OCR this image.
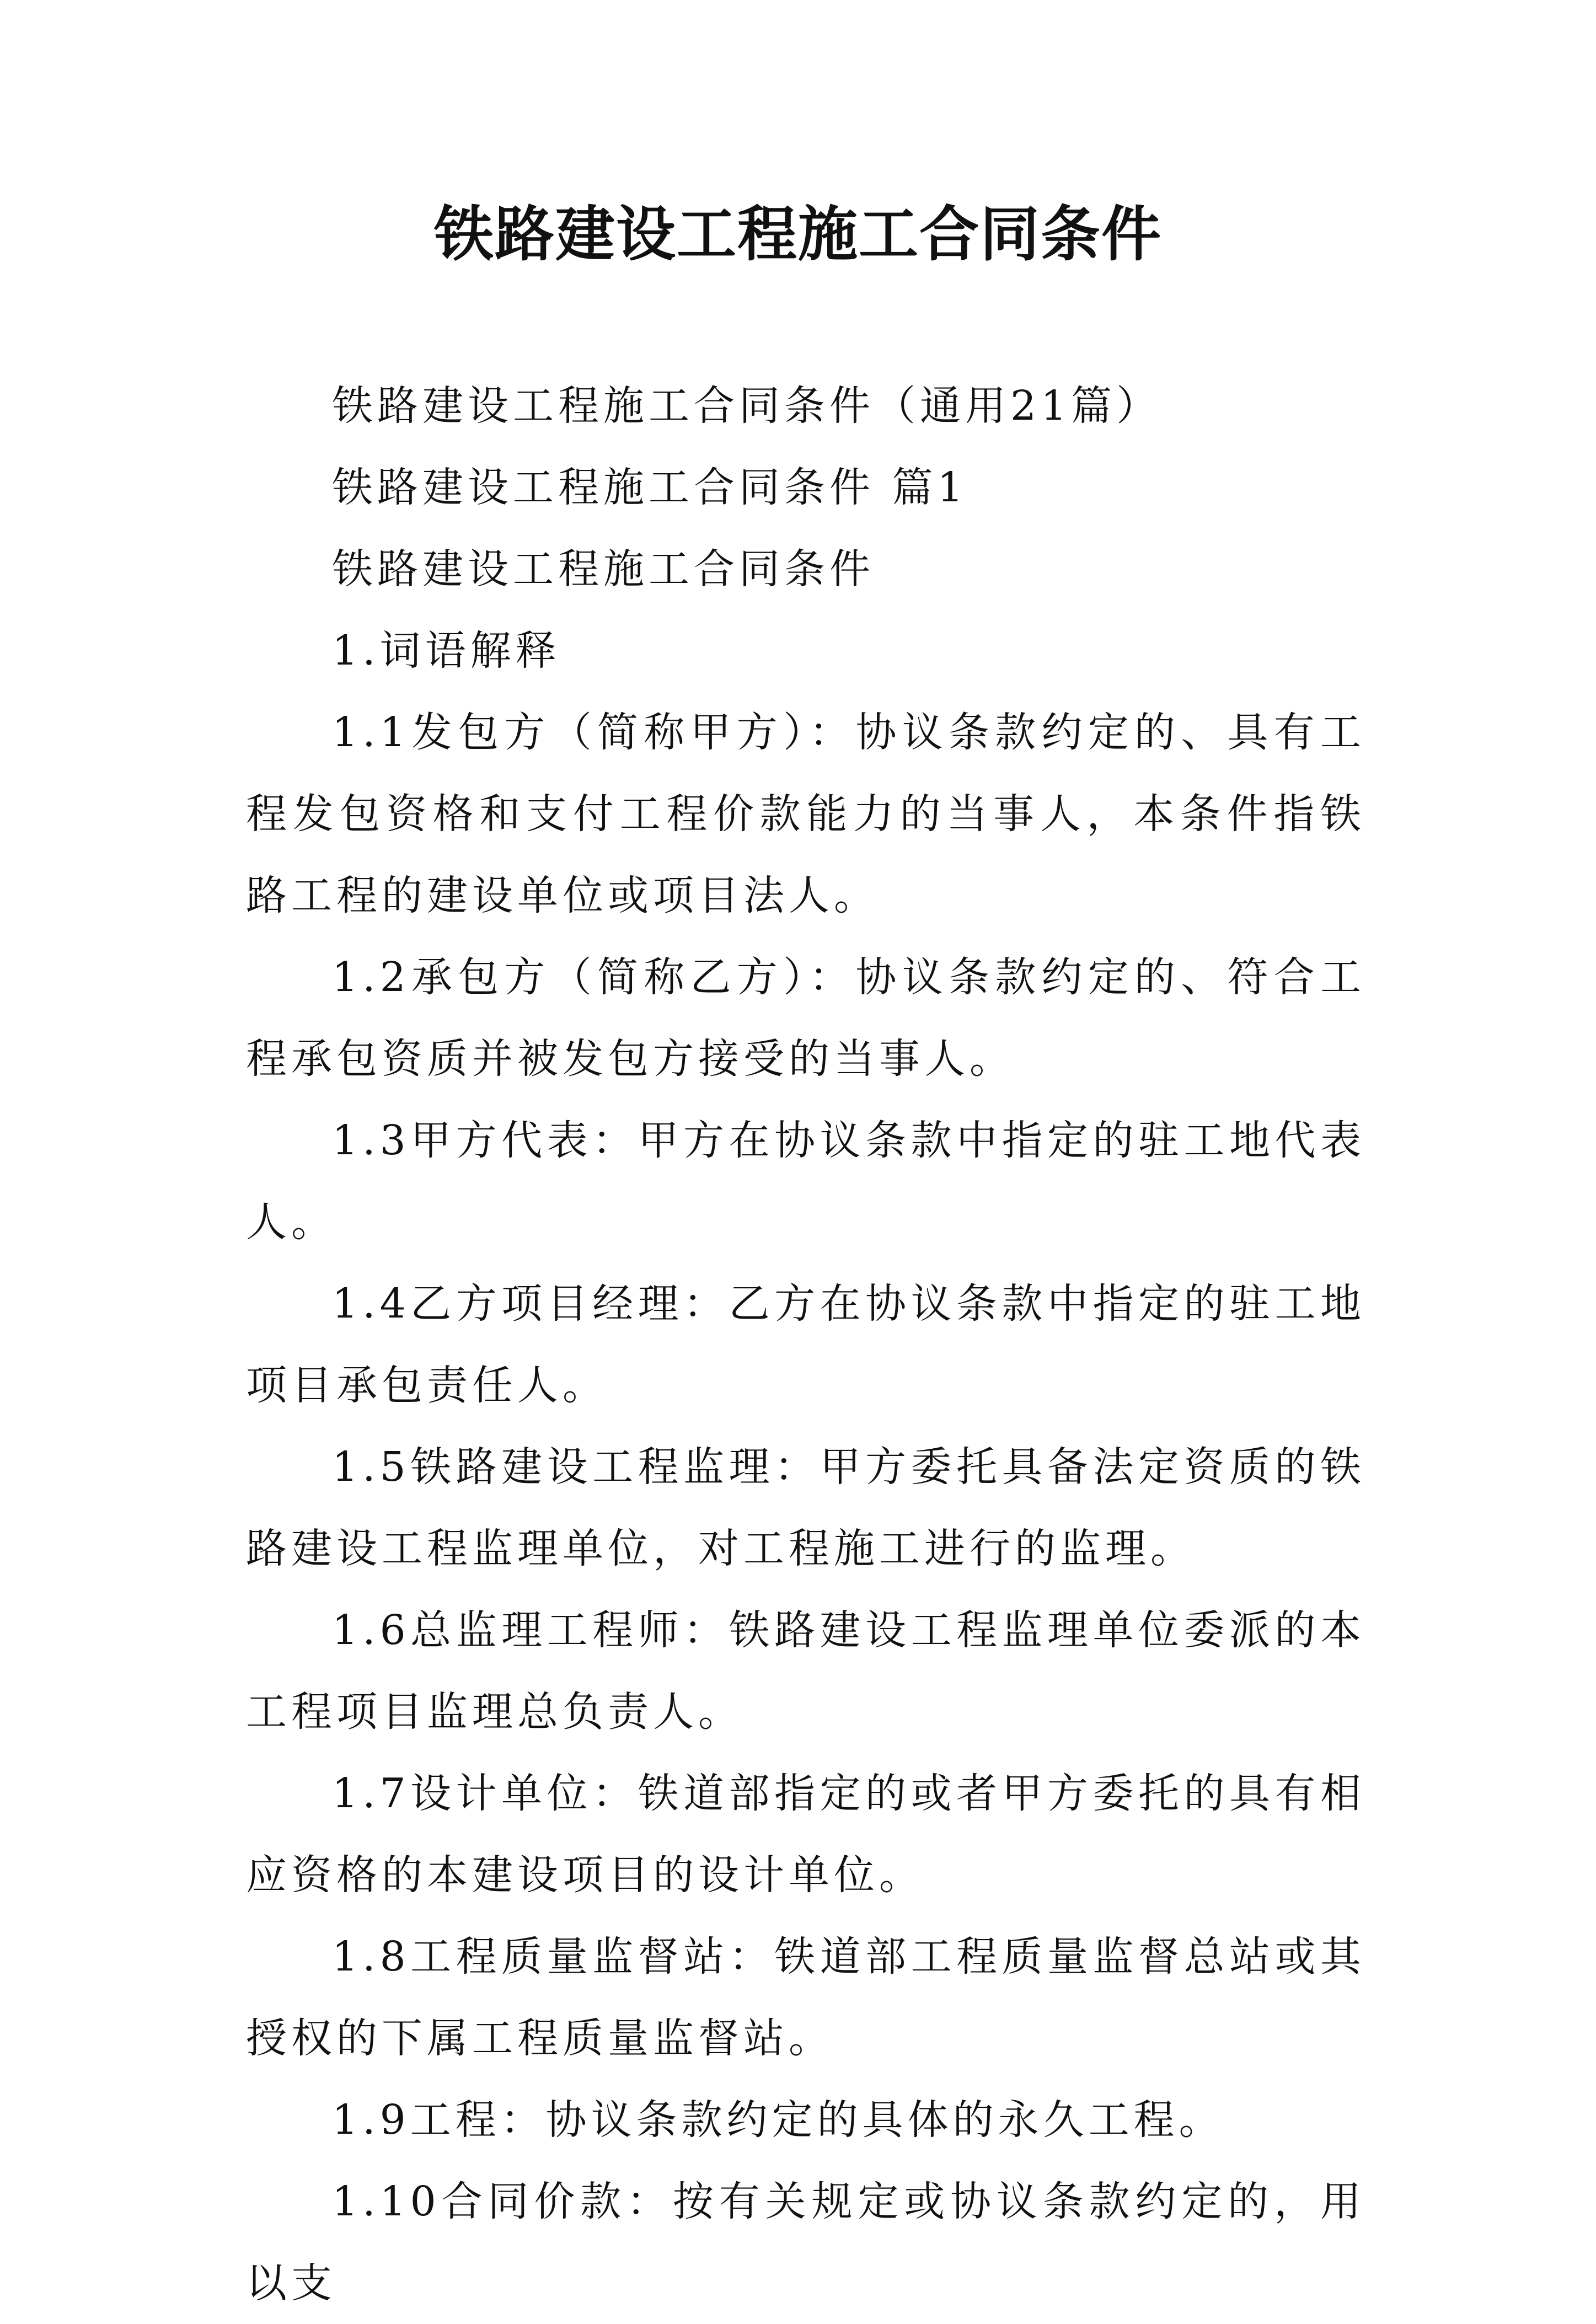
铁路建设工程施工合同条件

铁路建设工程施工合同条件（通用21篇）

铁路建设工程施工合同条件 篇1

铁路建设工程施工合同条件

1.词语解释

1.1发包方（简称甲方）：协议条款约定的、具有工程发包资格和支付工程价款能力的当事人，本条件指铁路工程的建设单位或项目法人。

1.2承包方（简称乙方）：协议条款约定的、符合工程承包资质并被发包方接受的当事人。

1.3甲方代表：甲方在协议条款中指定的驻工地代表人。

1.4乙方项目经理：乙方在协议条款中指定的驻工地项目承包责任人。

1.5铁路建设工程监理：甲方委托具备法定资质的铁路建设工程监理单位，对工程施工进行的监理。

1.6总监理工程师：铁路建设工程监理单位委派的本工程项目监理总负责人。

1.7设计单位：铁道部指定的或者甲方委托的具有相应资格的本建设项目的设计单位。

1.8工程质量监督站：铁道部工程质量监督总站或其授权的下属工程质量监督站。

1.9工程：协议条款约定的具体的永久工程。

1.10合同价款：按有关规定或协议条款约定的，用以支
